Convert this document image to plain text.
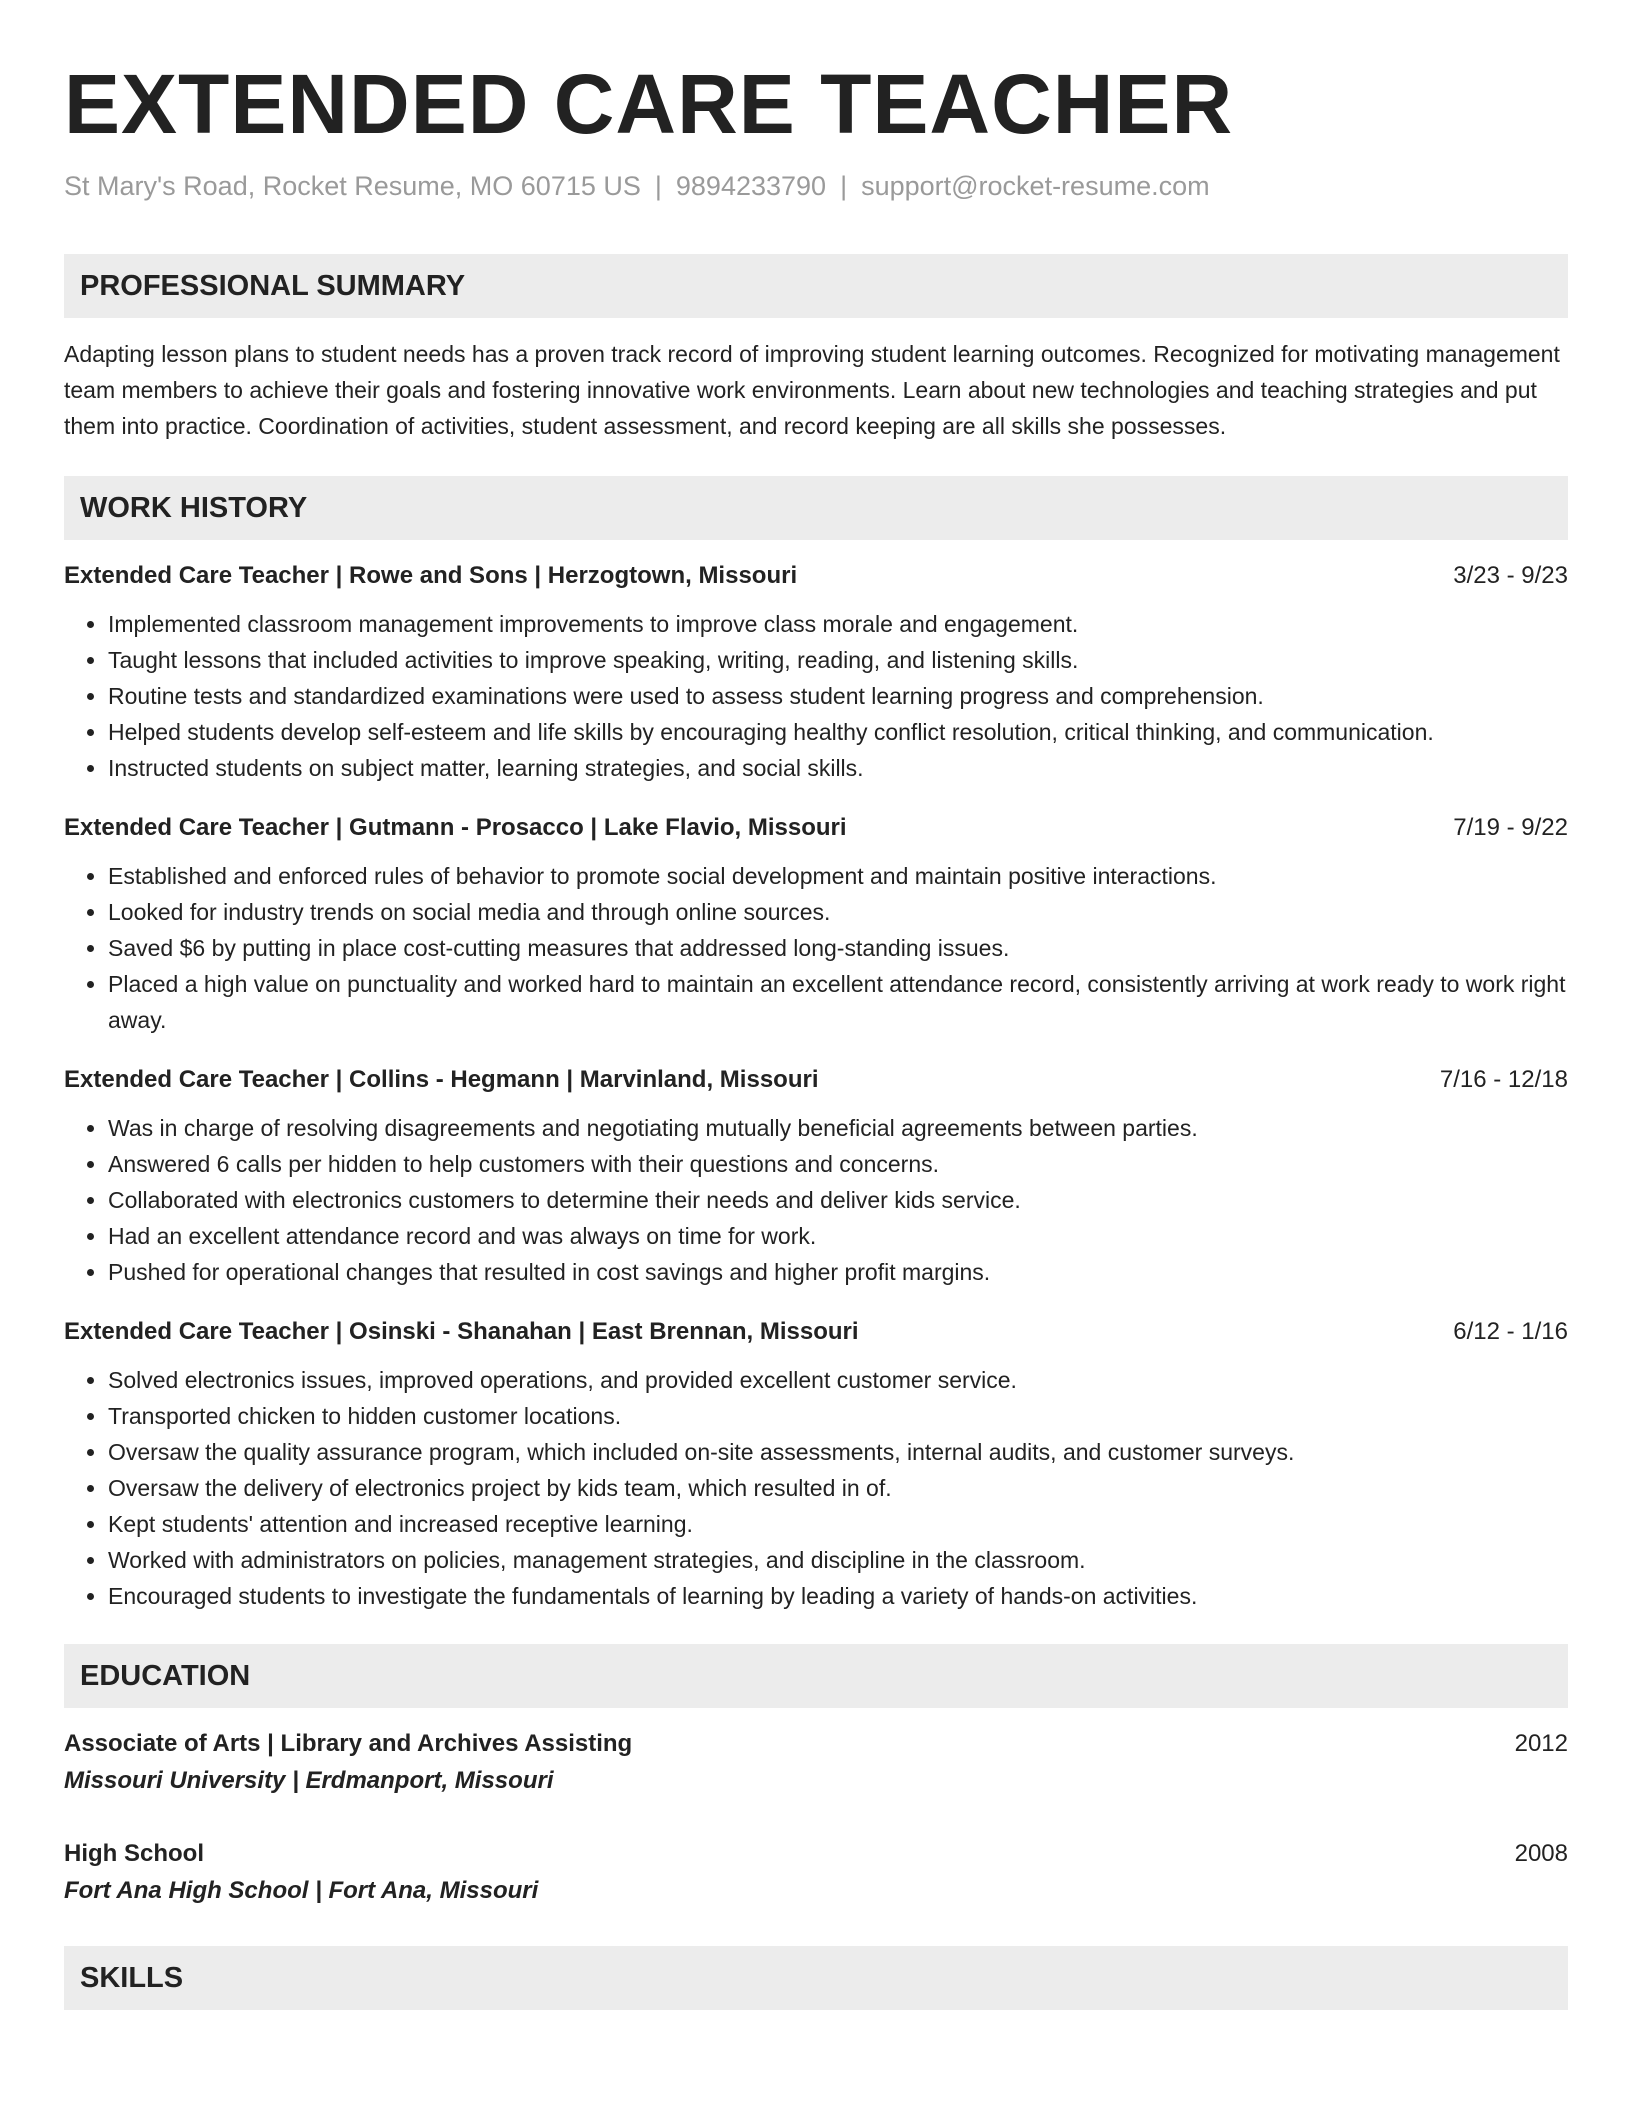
EXTENDED CARE TEACHER
St Mary's Road, Rocket Resume, MO 60715 US | 9894233790 | support@rocket-resume.com
PROFESSIONAL SUMMARY

Adapting lesson plans to student needs has a proven track record of improving student learning outcomes. Recognized for motivating management team members to achieve their goals and fostering innovative work environments. Learn about new technologies and teaching strategies and put them into practice. Coordination of activities, student assessment, and record keeping are all skills she possesses.

WORK HISTORY
Extended Care Teacher | Rowe and Sons | Herzogtown, Missouri	3/23 - 9/23
• Implemented classroom management improvements to improve class morale and engagement.
• Taught lessons that included activities to improve speaking, writing, reading, and listening skills.
• Routine tests and standardized examinations were used to assess student learning progress and comprehension.
• Helped students develop self-esteem and life skills by encouraging healthy conflict resolution, critical thinking, and communication.
• Instructed students on subject matter, learning strategies, and social skills.
Extended Care Teacher | Gutmann - Prosacco | Lake Flavio, Missouri	7/19 - 9/22
• Established and enforced rules of behavior to promote social development and maintain positive interactions.
• Looked for industry trends on social media and through online sources.
• Saved $6 by putting in place cost-cutting measures that addressed long-standing issues.
• Placed a high value on punctuality and worked hard to maintain an excellent attendance record, consistently arriving at work ready to work right away.
Extended Care Teacher | Collins - Hegmann | Marvinland, Missouri	7/16 - 12/18
• Was in charge of resolving disagreements and negotiating mutually beneficial agreements between parties.
• Answered 6 calls per hidden to help customers with their questions and concerns.
• Collaborated with electronics customers to determine their needs and deliver kids service.
• Had an excellent attendance record and was always on time for work.
• Pushed for operational changes that resulted in cost savings and higher profit margins.
Extended Care Teacher | Osinski - Shanahan | East Brennan, Missouri	6/12 - 1/16
• Solved electronics issues, improved operations, and provided excellent customer service.
• Transported chicken to hidden customer locations.
• Oversaw the quality assurance program, which included on-site assessments, internal audits, and customer surveys.
• Oversaw the delivery of electronics project by kids team, which resulted in of.
• Kept students' attention and increased receptive learning.
• Worked with administrators on policies, management strategies, and discipline in the classroom.
• Encouraged students to investigate the fundamentals of learning by leading a variety of hands-on activities.
EDUCATION
Associate of Arts | Library and Archives Assisting	2012
Missouri University | Erdmanport, Missouri
High School	2008
Fort Ana High School | Fort Ana, Missouri
SKILLS
